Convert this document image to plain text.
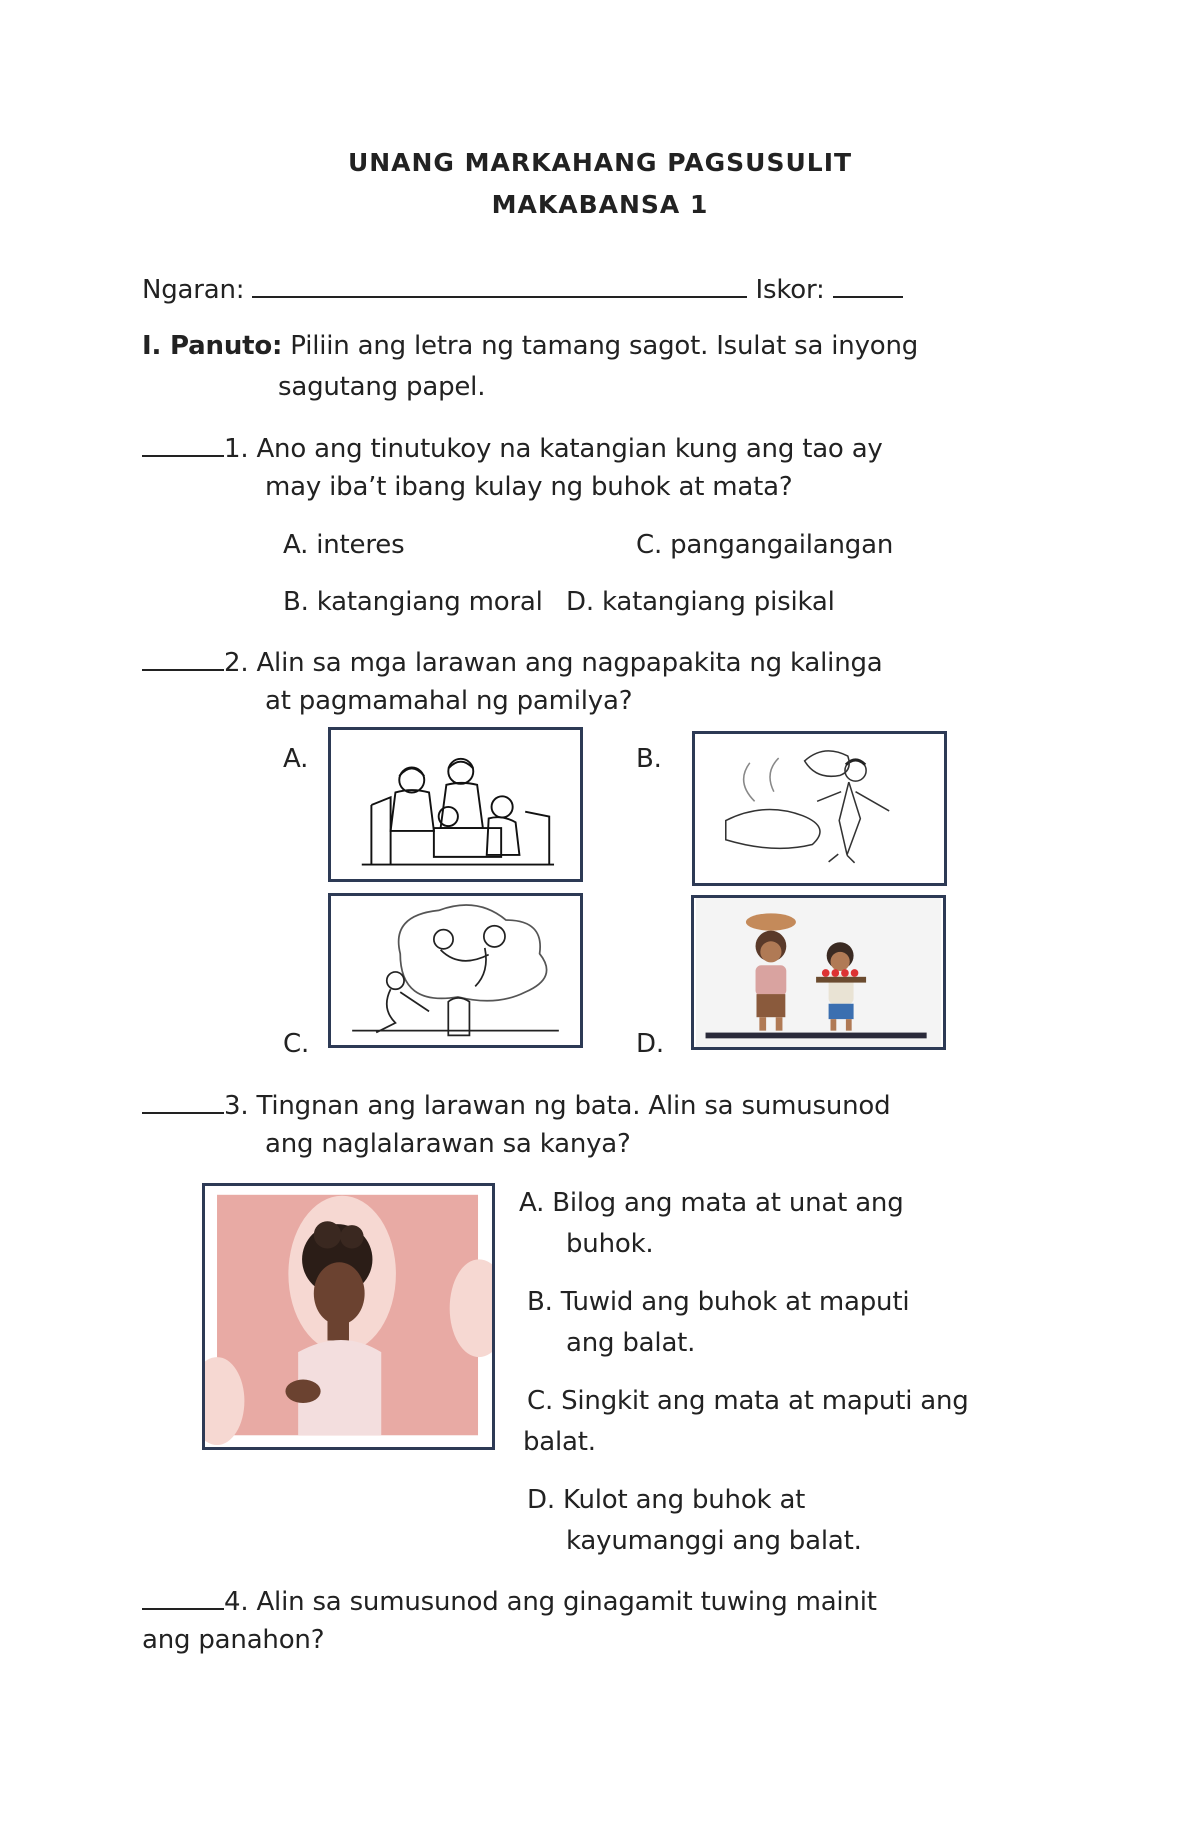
UNANG MARKAHANG PAGSUSULIT
MAKABANSA 1
Ngaran:	Iskor:
I. Panuto: Piliin ang letra ng tamang sagot. Isulat sa inyong
sagutang papel.
1. Ano ang tinutukoy na katangian kung ang tao ay
may iba’t ibang kulay ng buhok at mata?
A. interes	C. pangangailangan
B. katangiang moral D. katangiang pisikal
2. Alin sa mga larawan ang nagpapakita ng kalinga
at pagmamahal ng pamilya?
A.	B.
C.	D.
3. Tingnan ang larawan ng bata. Alin sa sumusunod
ang naglalarawan sa kanya?
A. Bilog ang mata at unat ang
buhok.
B. Tuwid ang buhok at maputi
ang balat.
C. Singkit ang mata at maputi ang
balat.
D. Kulot ang buhok at
kayumanggi ang balat.
4. Alin sa sumusunod ang ginagamit tuwing mainit
ang panahon?
